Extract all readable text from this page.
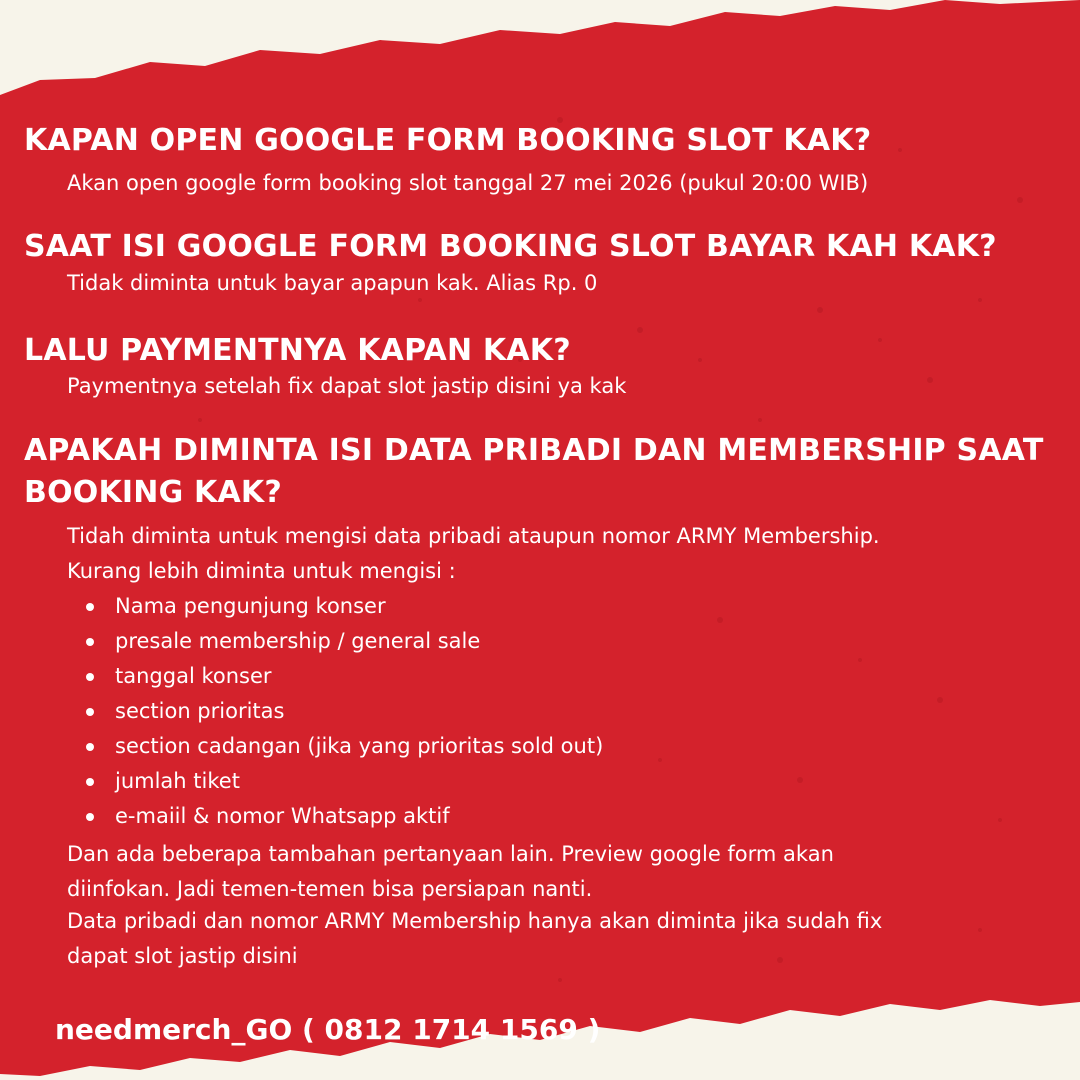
KAPAN OPEN GOOGLE FORM BOOKING SLOT KAK?

Akan open google form booking slot tanggal 27 mei 2026 (pukul 20:00 WIB)

SAAT ISI GOOGLE FORM BOOKING SLOT BAYAR KAH KAK?

Tidak diminta untuk bayar apapun kak. Alias Rp. 0

LALU PAYMENTNYA KAPAN KAK?

Paymentnya setelah fix dapat slot jastip disini ya kak

APAKAH DIMINTA ISI DATA PRIBADI DAN MEMBERSHIP SAAT BOOKING KAK?

Tidah diminta untuk mengisi data pribadi ataupun nomor ARMY Membership.

Kurang lebih diminta untuk mengisi :

Nama pengunjung konser
presale membership / general sale
tanggal konser
section prioritas
section cadangan (jika yang prioritas sold out)
jumlah tiket
e-maiil & nomor Whatsapp aktif

Dan ada beberapa tambahan pertanyaan lain. Preview google form akan

diinfokan. Jadi temen-temen bisa persiapan nanti.

Data pribadi dan nomor ARMY Membership hanya akan diminta jika sudah fix

dapat slot jastip disini

needmerch_GO ( 0812 1714 1569 )
